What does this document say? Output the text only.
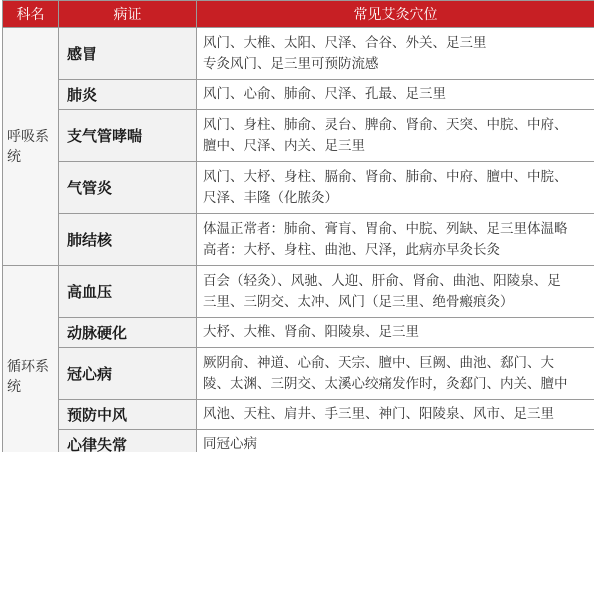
科名	病证	常见艾灸穴位
呼吸系统	感冒	风门、大椎、太阳、尺泽、合谷、外关、足三里
专灸风门、足三里可预防流感
	肺炎	风门、心俞、肺俞、尺泽、孔最、足三里
	支气管哮喘	风门、身柱、肺俞、灵台、脾俞、肾俞、天突、中脘、中府、
膻中、尺泽、内关、足三里
	气管炎	风门、大杼、身柱、膈俞、肾俞、肺俞、中府、膻中、中脘、
尺泽、丰隆（化脓灸）
	肺结核	体温正常者：肺俞、膏肓、胃俞、中脘、列缺、足三里体温略
高者：大杼、身柱、曲池、尺泽，此病亦早灸长灸
循环系统	高血压	百会（轻灸）、风驰、人迎、肝俞、肾俞、曲池、阳陵泉、足
三里、三阴交、太冲、风门（足三里、绝骨瘢痕灸）
	动脉硬化	大杼、大椎、肾俞、阳陵泉、足三里
	冠心病	厥阴俞、神道、心俞、天宗、膻中、巨阙、曲池、郄门、大
陵、太渊、三阴交、太溪心绞痛发作时，灸郄门、内关、膻中
	预防中风	风池、天柱、肩井、手三里、神门、阳陵泉、风市、足三里
	心律失常	同冠心病
